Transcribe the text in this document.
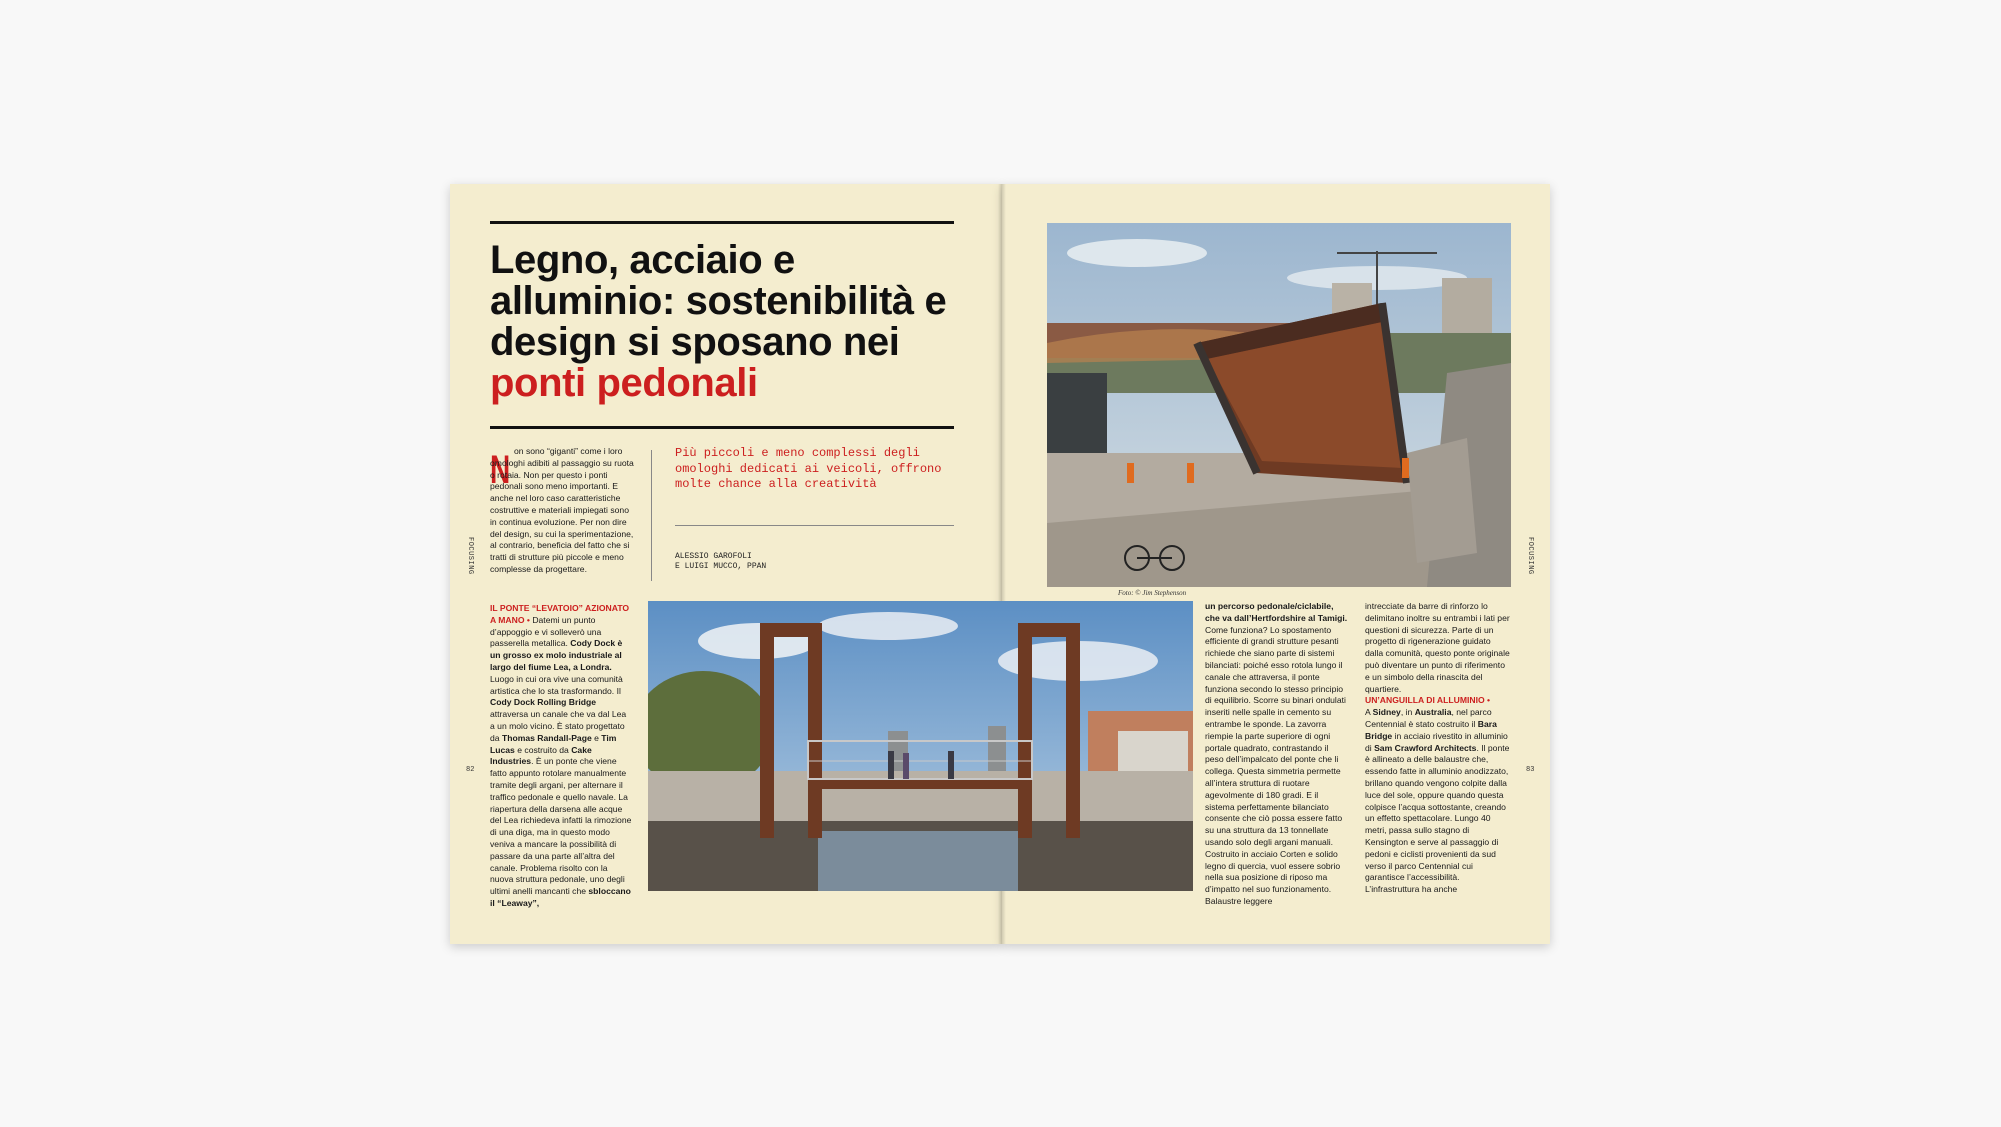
Legno, acciaio e alluminio: sostenibilità e design si sposano nei ponti pedonali
FOCUSING	FOCUSING
82	83
N on sono “giganti” come i loro omologhi adibiti al passaggio su ruota o rotaia. Non per questo i ponti pedonali sono meno importanti. E anche nel loro caso caratteristiche costruttive e materiali impiegati sono in continua evoluzione. Per non dire del design, su cui la sperimentazione, al contrario, beneficia del fatto che si tratti di strutture più piccole e meno complesse da progettare.

Più piccoli e meno complessi degli omologhi dedicati ai veicoli, offrono molte chance alla creatività

ALESSIO GAROFOLI
E LUIGI MUCCO, PPAN

IL PONTE “LEVATOIO” AZIONATO A MANO • Datemi un punto d’appoggio e vi solleverò una passerella metallica. Cody Dock è un grosso ex molo industriale al largo del fiume Lea, a Londra. Luogo in cui ora vive una comunità artistica che lo sta trasformando. Il Cody Dock Rolling Bridge attraversa un canale che va dal Lea a un molo vicino. È stato progettato da Thomas Randall-Page e Tim Lucas e costruito da Cake Industries. È un ponte che viene fatto appunto rotolare manualmente tramite degli argani, per alternare il traffico pedonale e quello navale. La riapertura della darsena alle acque del Lea richiedeva infatti la rimozione di una diga, ma in questo modo veniva a mancare la possibilità di passare da una parte all’altra del canale. Problema risolto con la nuova struttura pedonale, uno degli ultimi anelli mancanti che sbloccano il “Leaway”,

un percorso pedonale/ciclabile, che va dall’Hertfordshire al Tamigi. Come funziona? Lo spostamento efficiente di grandi strutture pesanti richiede che siano parte di sistemi bilanciati: poiché esso rotola lungo il canale che attraversa, il ponte funziona secondo lo stesso principio di equilibrio. Scorre su binari ondulati inseriti nelle spalle in cemento su entrambe le sponde. La zavorra riempie la parte superiore di ogni portale quadrato, contrastando il peso dell’impalcato del ponte che li collega. Questa simmetria permette all’intera struttura di ruotare agevolmente di 180 gradi. E il sistema perfettamente bilanciato consente che ciò possa essere fatto su una struttura da 13 tonnellate usando solo degli argani manuali. Costruito in acciaio Corten e solido legno di quercia, vuol essere sobrio nella sua posizione di riposo ma d’impatto nel suo funzionamento. Balaustre leggere

intrecciate da barre di rinforzo lo delimitano inoltre su entrambi i lati per questioni di sicurezza. Parte di un progetto di rigenerazione guidato dalla comunità, questo ponte originale può diventare un punto di riferimento e un simbolo della rinascita del quartiere.
UN’ANGUILLA DI ALLUMINIO •
A Sidney, in Australia, nel parco Centennial è stato costruito il Bara Bridge in acciaio rivestito in alluminio di Sam Crawford Architects. Il ponte è allineato a delle balaustre che, essendo fatte in alluminio anodizzato, brillano quando vengono colpite dalla luce del sole, oppure quando questa colpisce l’acqua sottostante, creando un effetto spettacolare. Lungo 40 metri, passa sullo stagno di Kensington e serve al passaggio di pedoni e ciclisti provenienti da sud verso il parco Centennial cui garantisce l’accessibilità. L’infrastruttura ha anche

Foto: © Jim Stephenson
